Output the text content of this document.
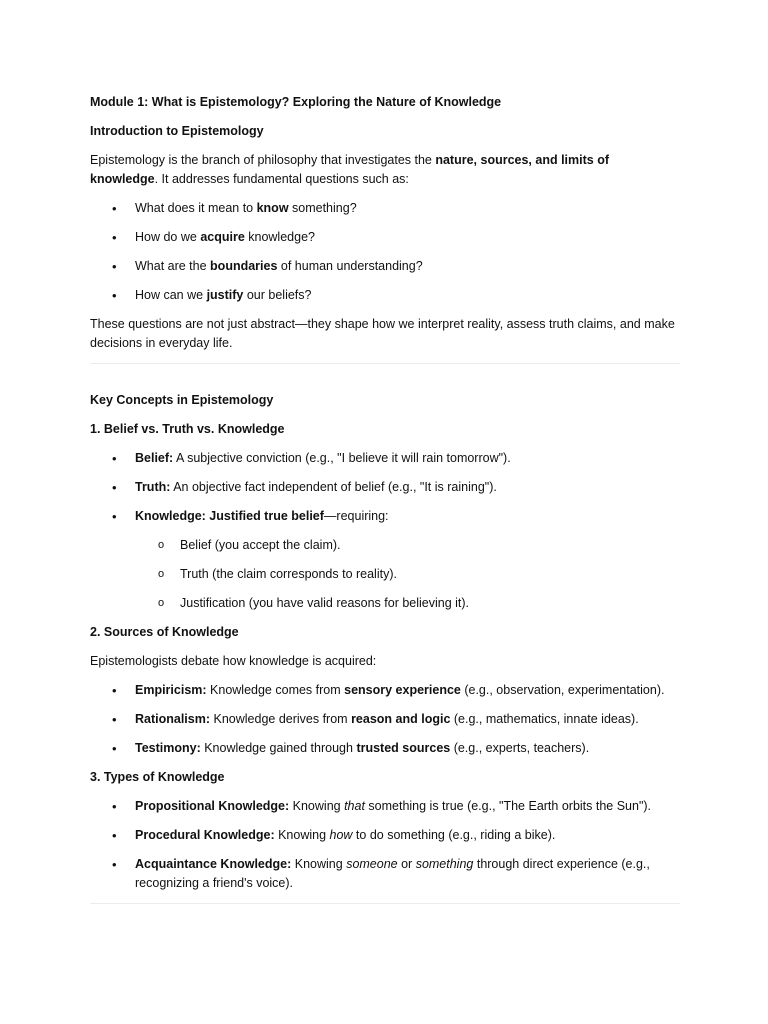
Module 1: What is Epistemology? Exploring the Nature of Knowledge

Introduction to Epistemology

Epistemology is the branch of philosophy that investigates the nature, sources, and limits of knowledge. It addresses fundamental questions such as:

• What does it mean to know something?
• How do we acquire knowledge?
• What are the boundaries of human understanding?
• How can we justify our beliefs?

These questions are not just abstract—they shape how we interpret reality, assess truth claims, and make decisions in everyday life.

Key Concepts in Epistemology

1. Belief vs. Truth vs. Knowledge

• Belief: A subjective conviction (e.g., "I believe it will rain tomorrow").
• Truth: An objective fact independent of belief (e.g., "It is raining").
• Knowledge: Justified true belief—requiring:
o Belief (you accept the claim).
o Truth (the claim corresponds to reality).
o Justification (you have valid reasons for believing it).

2. Sources of Knowledge

Epistemologists debate how knowledge is acquired:

• Empiricism: Knowledge comes from sensory experience (e.g., observation, experimentation).
• Rationalism: Knowledge derives from reason and logic (e.g., mathematics, innate ideas).
• Testimony: Knowledge gained through trusted sources (e.g., experts, teachers).

3. Types of Knowledge

• Propositional Knowledge: Knowing that something is true (e.g., "The Earth orbits the Sun").
• Procedural Knowledge: Knowing how to do something (e.g., riding a bike).
• Acquaintance Knowledge: Knowing someone or something through direct experience (e.g., recognizing a friend's voice).
